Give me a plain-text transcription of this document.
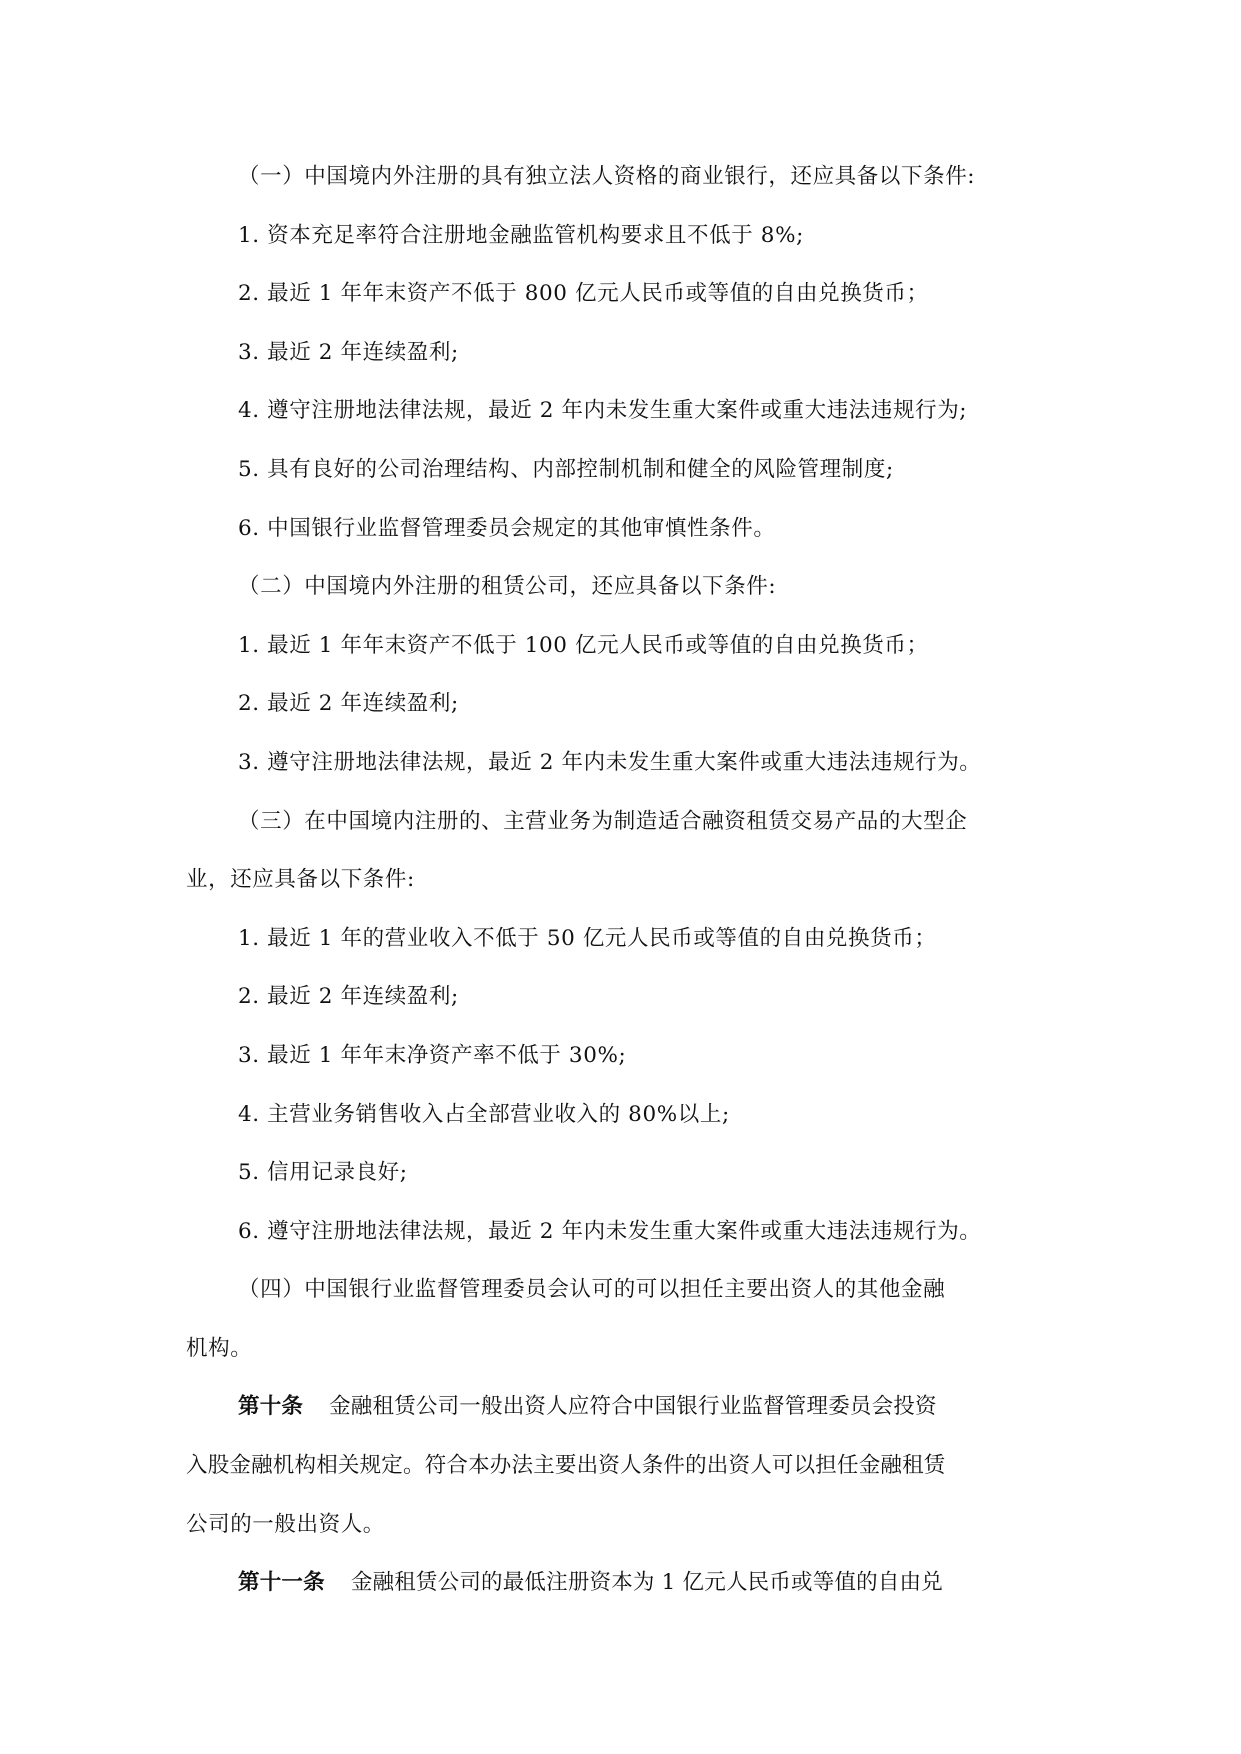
（一）中国境内外注册的具有独立法人资格的商业银行，还应具备以下条件:
1. 资本充足率符合注册地金融监管机构要求且不低于 8%;
2. 最近 1 年年末资产不低于 800 亿元人民币或等值的自由兑换货币；
3. 最近 2 年连续盈利;
4. 遵守注册地法律法规，最近 2 年内未发生重大案件或重大违法违规行为;
5. 具有良好的公司治理结构、内部控制机制和健全的风险管理制度;
6. 中国银行业监督管理委员会规定的其他审慎性条件。
（二）中国境内外注册的租赁公司，还应具备以下条件:
1. 最近 1 年年末资产不低于 100 亿元人民币或等值的自由兑换货币；
2. 最近 2 年连续盈利;
3. 遵守注册地法律法规，最近 2 年内未发生重大案件或重大违法违规行为。
（三）在中国境内注册的、主营业务为制造适合融资租赁交易产品的大型企
业，还应具备以下条件:
1. 最近 1 年的营业收入不低于 50 亿元人民币或等值的自由兑换货币；
2. 最近 2 年连续盈利;
3. 最近 1 年年末净资产率不低于 30%;
4. 主营业务销售收入占全部营业收入的 80%以上;
5. 信用记录良好;
6. 遵守注册地法律法规，最近 2 年内未发生重大案件或重大违法违规行为。
（四）中国银行业监督管理委员会认可的可以担任主要出资人的其他金融
机构。
第十条 金融租赁公司一般出资人应符合中国银行业监督管理委员会投资
入股金融机构相关规定。符合本办法主要出资人条件的出资人可以担任金融租赁
公司的一般出资人。
第十一条 金融租赁公司的最低注册资本为 1 亿元人民币或等值的自由兑
